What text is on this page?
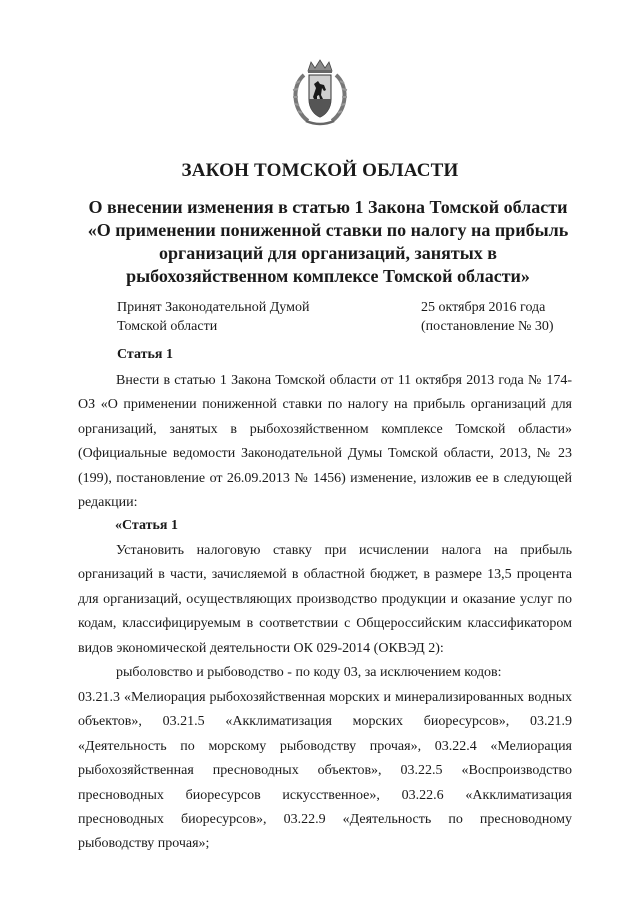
ЗАКОН ТОМСКОЙ ОБЛАСТИ
О внесении изменения в статью 1 Закона Томской области «О применении пониженной ставки по налогу на прибыль организаций для организаций, занятых в рыбохозяйственном комплексе Томской области»
Принят Законодательной Думой
Томской области
25 октября 2016 года
(постановление № 30)
Статья 1

Внести в статью 1 Закона Томской области от 11 октября 2013 года № 174-ОЗ «О применении пониженной ставки по налогу на прибыль организаций для организаций, занятых в рыбохозяйственном комплексе Томской области» (Официальные ведомости Законодательной Думы Томской области, 2013, № 23 (199), постановление от 26.09.2013 № 1456) изменение, изложив ее в следующей редакции:

«Статья 1

Установить налоговую ставку при исчислении налога на прибыль организаций в части, зачисляемой в областной бюджет, в размере 13,5 процента для организаций, осуществляющих производство продукции и оказание услуг по кодам, классифицируемым в соответствии с Общероссийским классификатором видов экономической деятельности ОК 029-2014 (ОКВЭД 2):

рыболовство и рыбоводство - по коду 03, за исключением кодов:

03.21.3 «Мелиорация рыбохозяйственная морских и минерализированных водных объектов», 03.21.5 «Акклиматизация морских биоресурсов», 03.21.9 «Деятельность по морскому рыбоводству прочая», 03.22.4 «Мелиорация рыбохозяйственная пресноводных объектов», 03.22.5 «Воспроизводство пресноводных биоресурсов искусственное», 03.22.6 «Акклиматизация пресноводных биоресурсов», 03.22.9 «Деятельность по пресноводному рыбоводству прочая»;
